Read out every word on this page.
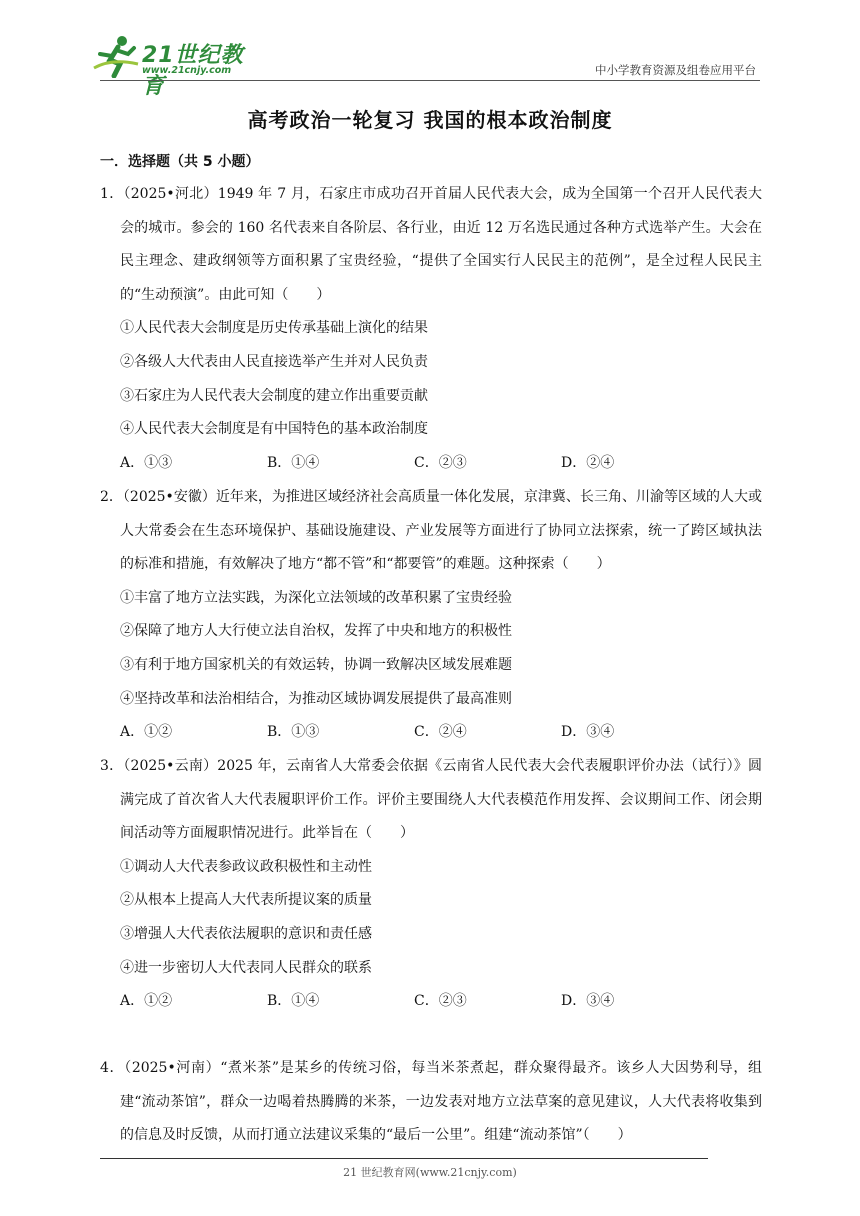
21世纪教育
www.21cnjy.com	中小学教育资源及组卷应用平台
高考政治一轮复习 我国的根本政治制度
一．选择题（共 5 小题）
1．（2025•河北）1949 年 7 月，石家庄市成功召开首届人民代表大会，成为全国第一个召开人民代表大会的城市。参会的 160 名代表来自各阶层、各行业，由近 12 万名选民通过各种方式选举产生。大会在民主理念、建政纲领等方面积累了宝贵经验，“提供了全国实行人民民主的范例”，是全过程人民民主的“生动预演”。由此可知（　　）
①人民代表大会制度是历史传承基础上演化的结果
②各级人大代表由人民直接选举产生并对人民负责
③石家庄为人民代表大会制度的建立作出重要贡献
④人民代表大会制度是有中国特色的基本政治制度
A．①③	B．①④	C．②③	D．②④
2．（2025•安徽）近年来，为推进区域经济社会高质量一体化发展，京津冀、长三角、川渝等区域的人大或人大常委会在生态环境保护、基础设施建设、产业发展等方面进行了协同立法探索，统一了跨区域执法的标准和措施，有效解决了地方“都不管”和“都要管”的难题。这种探索（　　）
①丰富了地方立法实践，为深化立法领域的改革积累了宝贵经验
②保障了地方人大行使立法自治权，发挥了中央和地方的积极性
③有利于地方国家机关的有效运转，协调一致解决区域发展难题
④坚持改革和法治相结合，为推动区域协调发展提供了最高准则
A．①②	B．①③	C．②④	D．③④
3．（2025•云南）2025 年，云南省人大常委会依据《云南省人民代表大会代表履职评价办法（试行）》圆满完成了首次省人大代表履职评价工作。评价主要围绕人大代表模范作用发挥、会议期间工作、闭会期间活动等方面履职情况进行。此举旨在（　　）
①调动人大代表参政议政积极性和主动性
②从根本上提高人大代表所提议案的质量
③增强人大代表依法履职的意识和责任感
④进一步密切人大代表同人民群众的联系
A．①②	B．①④	C．②③	D．③④
4．（2025•河南）“煮米茶”是某乡的传统习俗，每当米茶煮起，群众聚得最齐。该乡人大因势利导，组建“流动茶馆”，群众一边喝着热腾腾的米茶，一边发表对地方立法草案的意见建议，人大代表将收集到的信息及时反馈，从而打通立法建议采集的“最后一公里”。组建“流动茶馆”（　　）
21 世纪教育网(www.21cnjy.com)
